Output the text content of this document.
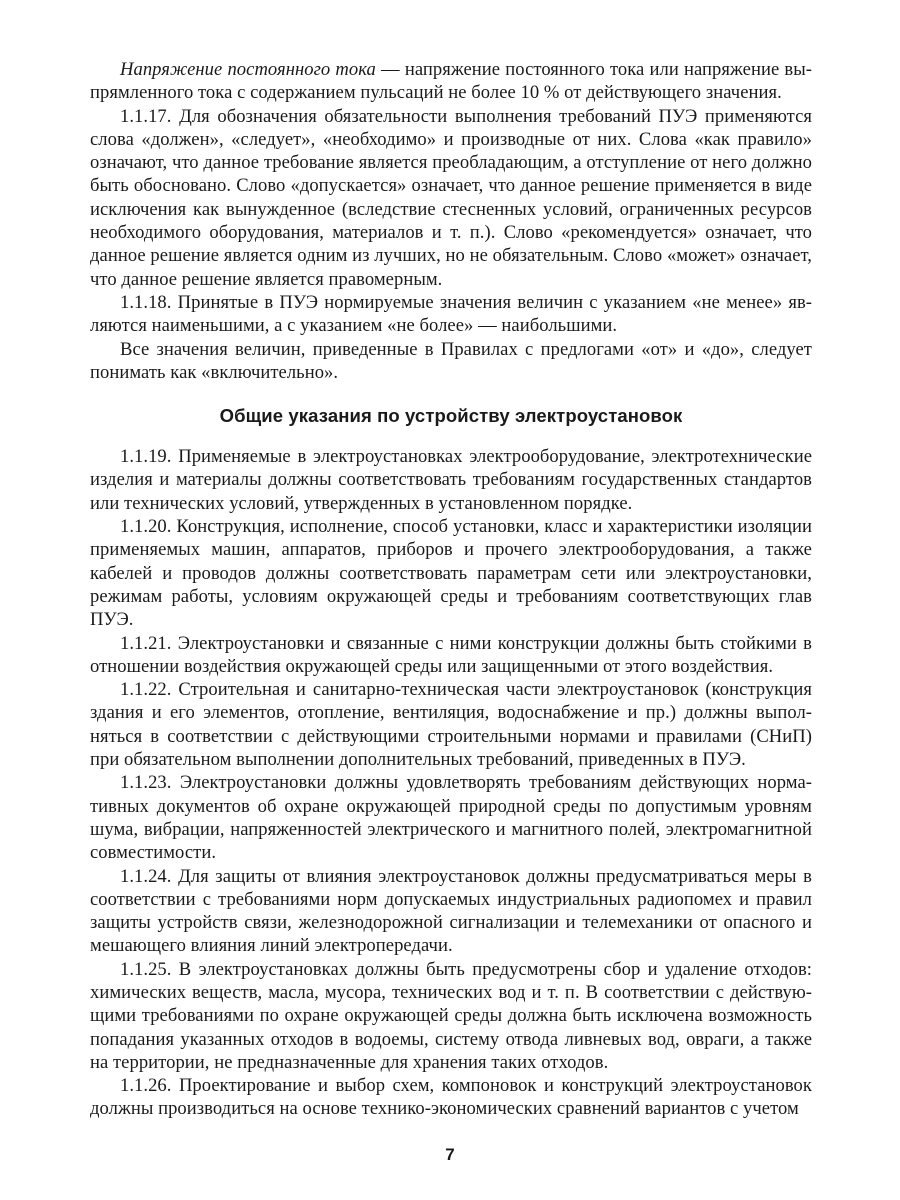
Напряжение постоянного тока — напряжение постоянного тока или напряжение выпрямленного тока с содержанием пульсаций не более 10 % от действующего значения.

1.1.17. Для обозначения обязательности выполнения требований ПУЭ применяются слова «должен», «следует», «необходимо» и производные от них. Слова «как правило» означают, что данное требование является преобладающим, а отступление от него должно быть обосновано. Слово «допускается» означает, что данное решение применяется в виде исключения как вынужденное (вследствие стесненных условий, ограниченных ресурсов необходимого оборудования, материалов и т. п.). Слово «рекомендуется» означает, что данное решение является одним из лучших, но не обязательным. Слово «может» означает, что данное решение является правомерным.

1.1.18. Принятые в ПУЭ нормируемые значения величин с указанием «не менее» являются наименьшими, а с указанием «не более» — наибольшими.

Все значения величин, приведенные в Правилах с предлогами «от» и «до», следует понимать как «включительно».

Общие указания по устройству электроустановок

1.1.19. Применяемые в электроустановках электрооборудование, электротехнические изделия и материалы должны соответствовать требованиям государственных стандартов или технических условий, утвержденных в установленном порядке.

1.1.20. Конструкция, исполнение, способ установки, класс и характеристики изоляции применяемых машин, аппаратов, приборов и прочего электрооборудования, а также кабелей и проводов должны соответствовать параметрам сети или электроустановки, режимам работы, условиям окружающей среды и требованиям соответствующих глав ПУЭ.

1.1.21. Электроустановки и связанные с ними конструкции должны быть стойкими в отношении воздействия окружающей среды или защищенными от этого воздействия.

1.1.22. Строительная и санитарно-техническая части электроустановок (конструкция здания и его элементов, отопление, вентиляция, водоснабжение и пр.) должны выполняться в соответствии с действующими строительными нормами и правилами (СНиП) при обязательном выполнении дополнительных требований, приведенных в ПУЭ.

1.1.23. Электроустановки должны удовлетворять требованиям действующих нормативных документов об охране окружающей природной среды по допустимым уровням шума, вибрации, напряженностей электрического и магнитного полей, электромагнитной совместимости.

1.1.24. Для защиты от влияния электроустановок должны предусматриваться меры в соответствии с требованиями норм допускаемых индустриальных радиопомех и правил защиты устройств связи, железнодорожной сигнализации и телемеханики от опасного и мешающего влияния линий электропередачи.

1.1.25. В электроустановках должны быть предусмотрены сбор и удаление отходов: химических веществ, масла, мусора, технических вод и т. п. В соответствии с действующими требованиями по охране окружающей среды должна быть исключена возможность попадания указанных отходов в водоемы, систему отвода ливневых вод, овраги, а также на территории, не предназначенные для хранения таких отходов.

1.1.26. Проектирование и выбор схем, компоновок и конструкций электроустановок должны производиться на основе технико-экономических сравнений вариантов с учетом

7
